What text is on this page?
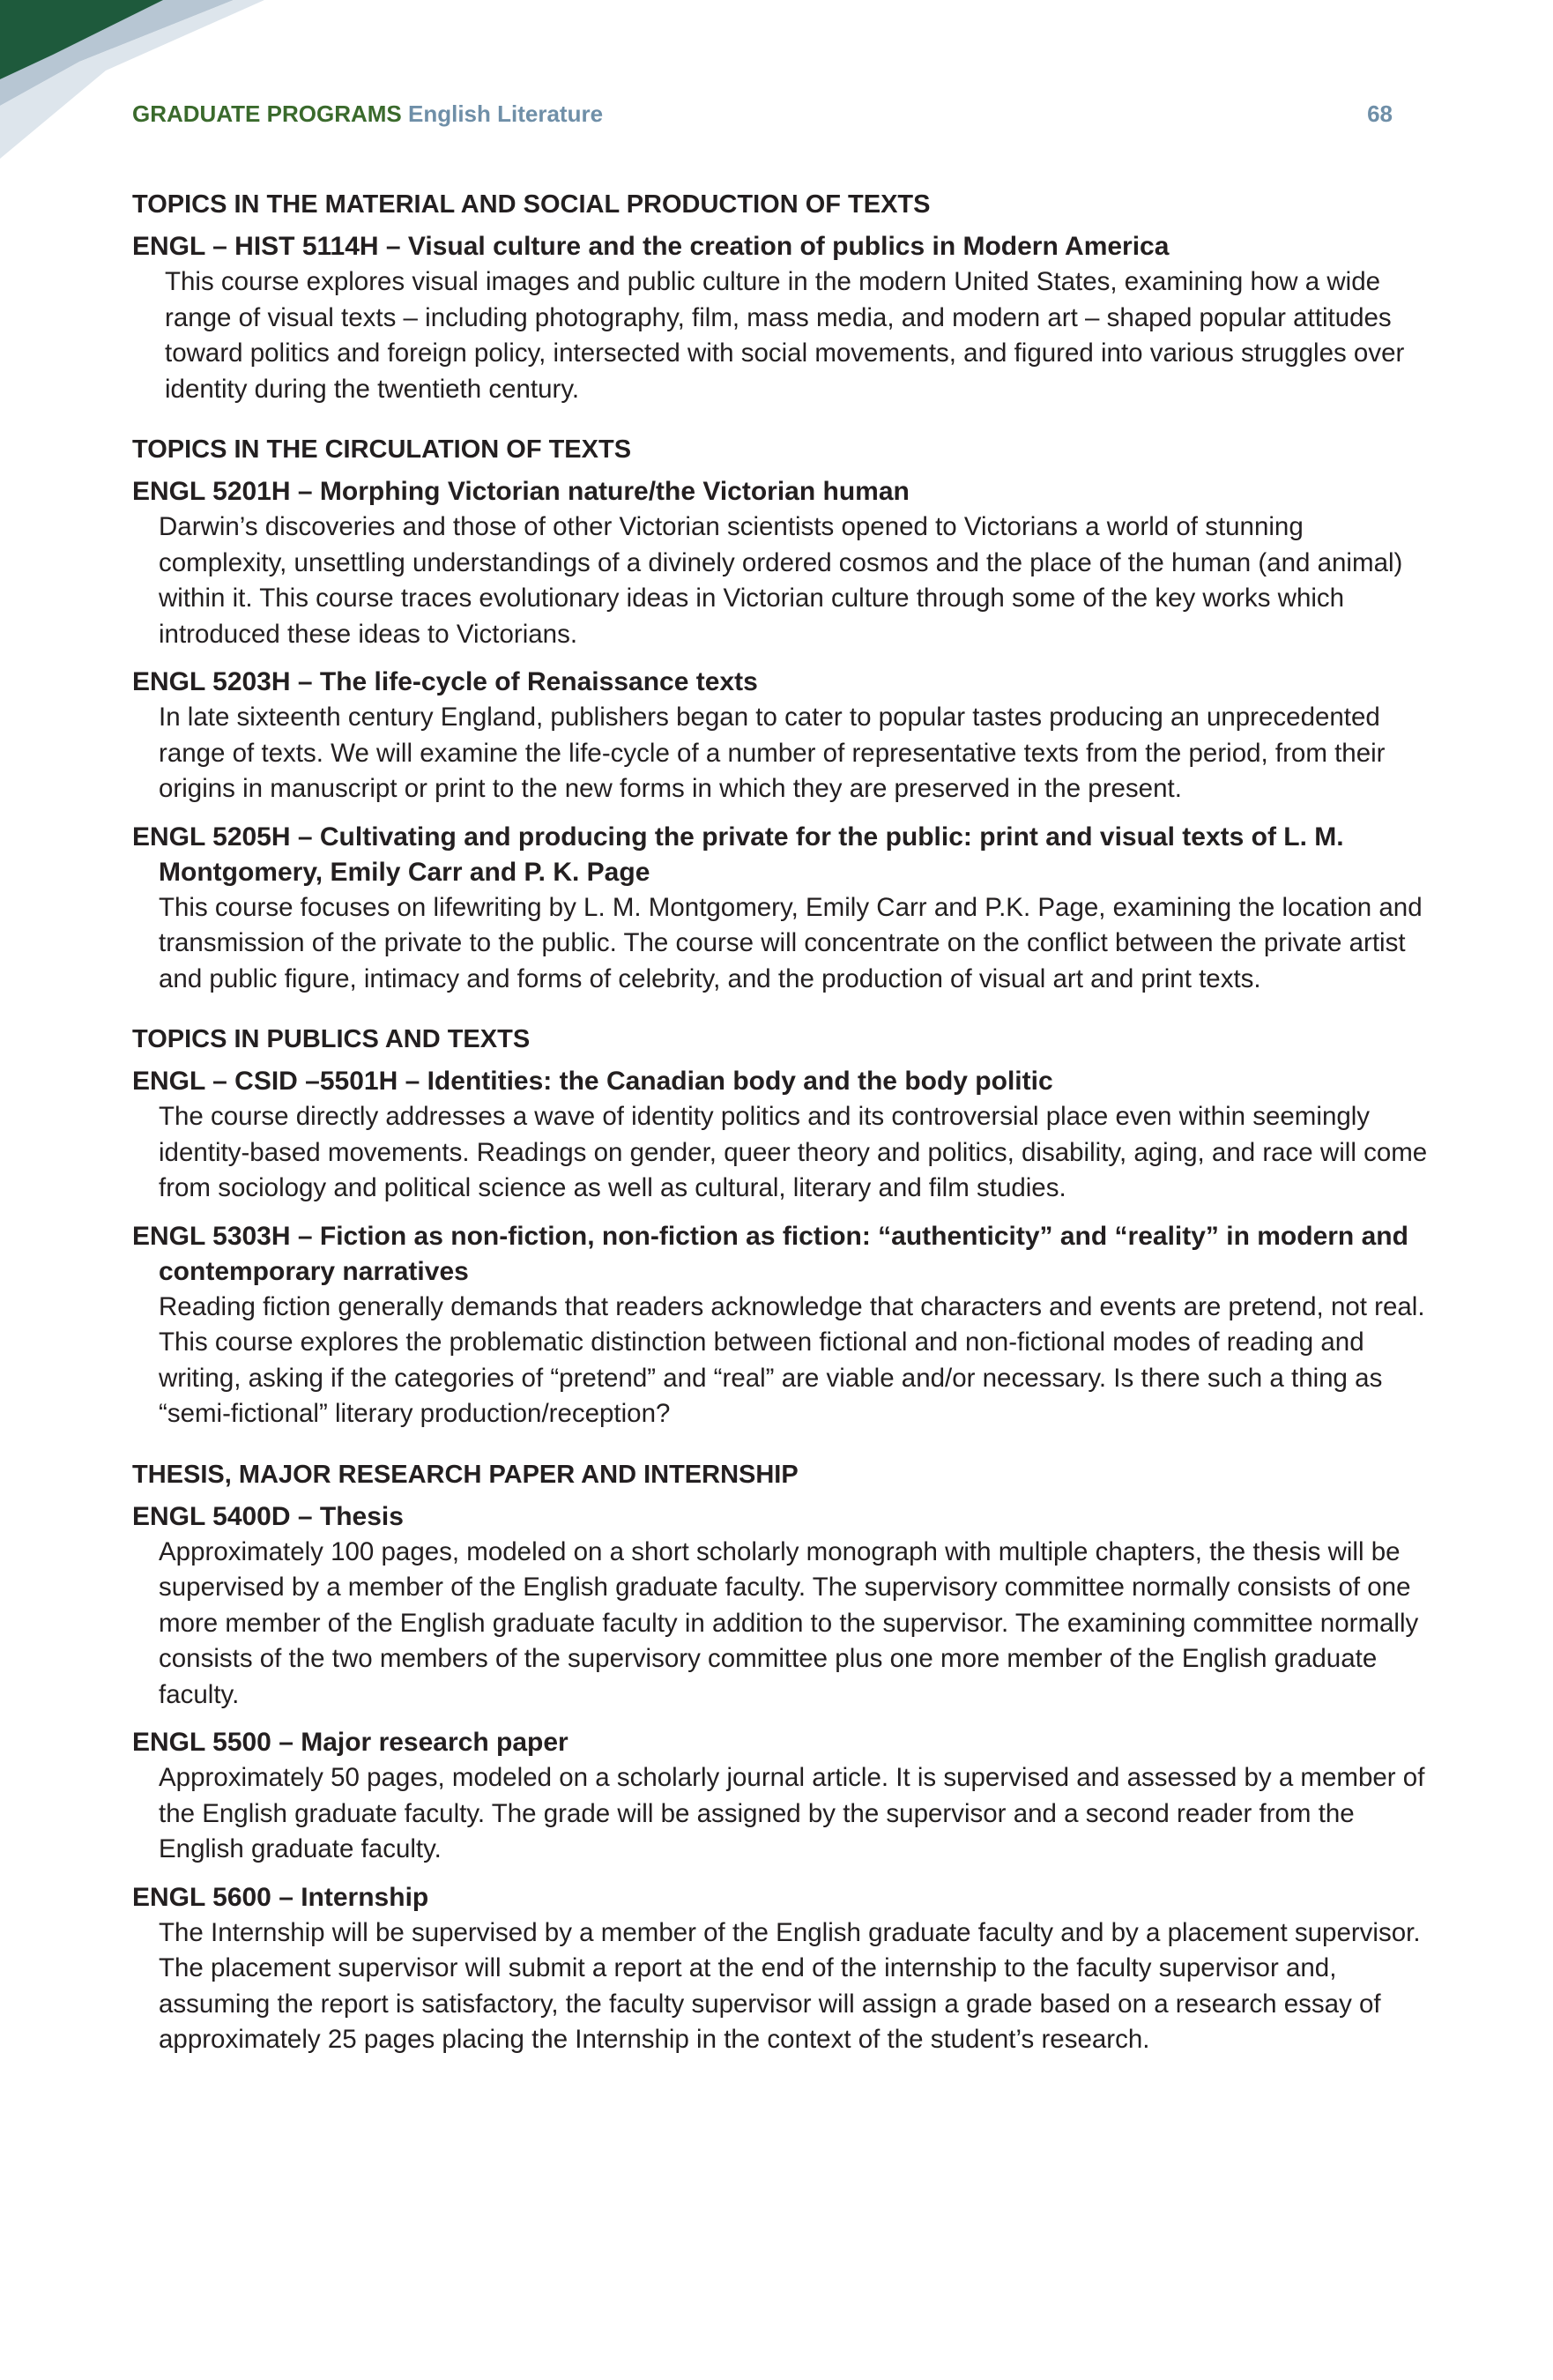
GRADUATE PROGRAMS English Literature	68
TOPICS IN THE MATERIAL AND SOCIAL PRODUCTION OF TEXTS
ENGL – HIST 5114H – Visual culture and the creation of publics in Modern America
This course explores visual images and public culture in the modern United States, examining how a wide range of visual texts – including photography, film, mass media, and modern art – shaped popular attitudes toward politics and foreign policy, intersected with social movements, and figured into various struggles over identity during the twentieth century.
TOPICS IN THE CIRCULATION OF TEXTS
ENGL 5201H – Morphing Victorian nature/the Victorian human
Darwin’s discoveries and those of other Victorian scientists opened to Victorians a world of stunning complexity, unsettling understandings of a divinely ordered cosmos and the place of the human (and animal) within it. This course traces evolutionary ideas in Victorian culture through some of the key works which introduced these ideas to Victorians.
ENGL 5203H – The life-cycle of Renaissance texts
In late sixteenth century England, publishers began to cater to popular tastes producing an unprecedented range of texts. We will examine the life-cycle of a number of representative texts from the period, from their origins in manuscript or print to the new forms in which they are preserved in the present.
ENGL 5205H – Cultivating and producing the private for the public: print and visual texts of L. M. Montgomery, Emily Carr and P. K. Page
This course focuses on lifewriting by L. M. Montgomery, Emily Carr and P.K. Page, examining the location and transmission of the private to the public. The course will concentrate on the conflict between the private artist and public figure, intimacy and forms of celebrity, and the production of visual art and print texts.
TOPICS IN PUBLICS AND TEXTS
ENGL – CSID –5501H – Identities: the Canadian body and the body politic
The course directly addresses a wave of identity politics and its controversial place even within seemingly identity-based movements. Readings on gender, queer theory and politics, disability, aging, and race will come from sociology and political science as well as cultural, literary and film studies.
ENGL 5303H – Fiction as non-fiction, non-fiction as fiction: “authenticity” and “reality” in modern and contemporary narratives
Reading fiction generally demands that readers acknowledge that characters and events are pretend, not real. This course explores the problematic distinction between fictional and non-fictional modes of reading and writing, asking if the categories of “pretend” and “real” are viable and/or necessary. Is there such a thing as “semi-fictional” literary production/reception?
THESIS, MAJOR RESEARCH PAPER AND INTERNSHIP
ENGL 5400D – Thesis
Approximately 100 pages, modeled on a short scholarly monograph with multiple chapters, the thesis will be supervised by a member of the English graduate faculty. The supervisory committee normally consists of one more member of the English graduate faculty in addition to the supervisor. The examining committee normally consists of the two members of the supervisory committee plus one more member of the English graduate faculty.
ENGL 5500 – Major research paper
Approximately 50 pages, modeled on a scholarly journal article. It is supervised and assessed by a member of the English graduate faculty. The grade will be assigned by the supervisor and a second reader from the English graduate faculty.
ENGL 5600 – Internship
The Internship will be supervised by a member of the English graduate faculty and by a placement supervisor. The placement supervisor will submit a report at the end of the internship to the faculty supervisor and, assuming the report is satisfactory, the faculty supervisor will assign a grade based on a research essay of approximately 25 pages placing the Internship in the context of the student’s research.
